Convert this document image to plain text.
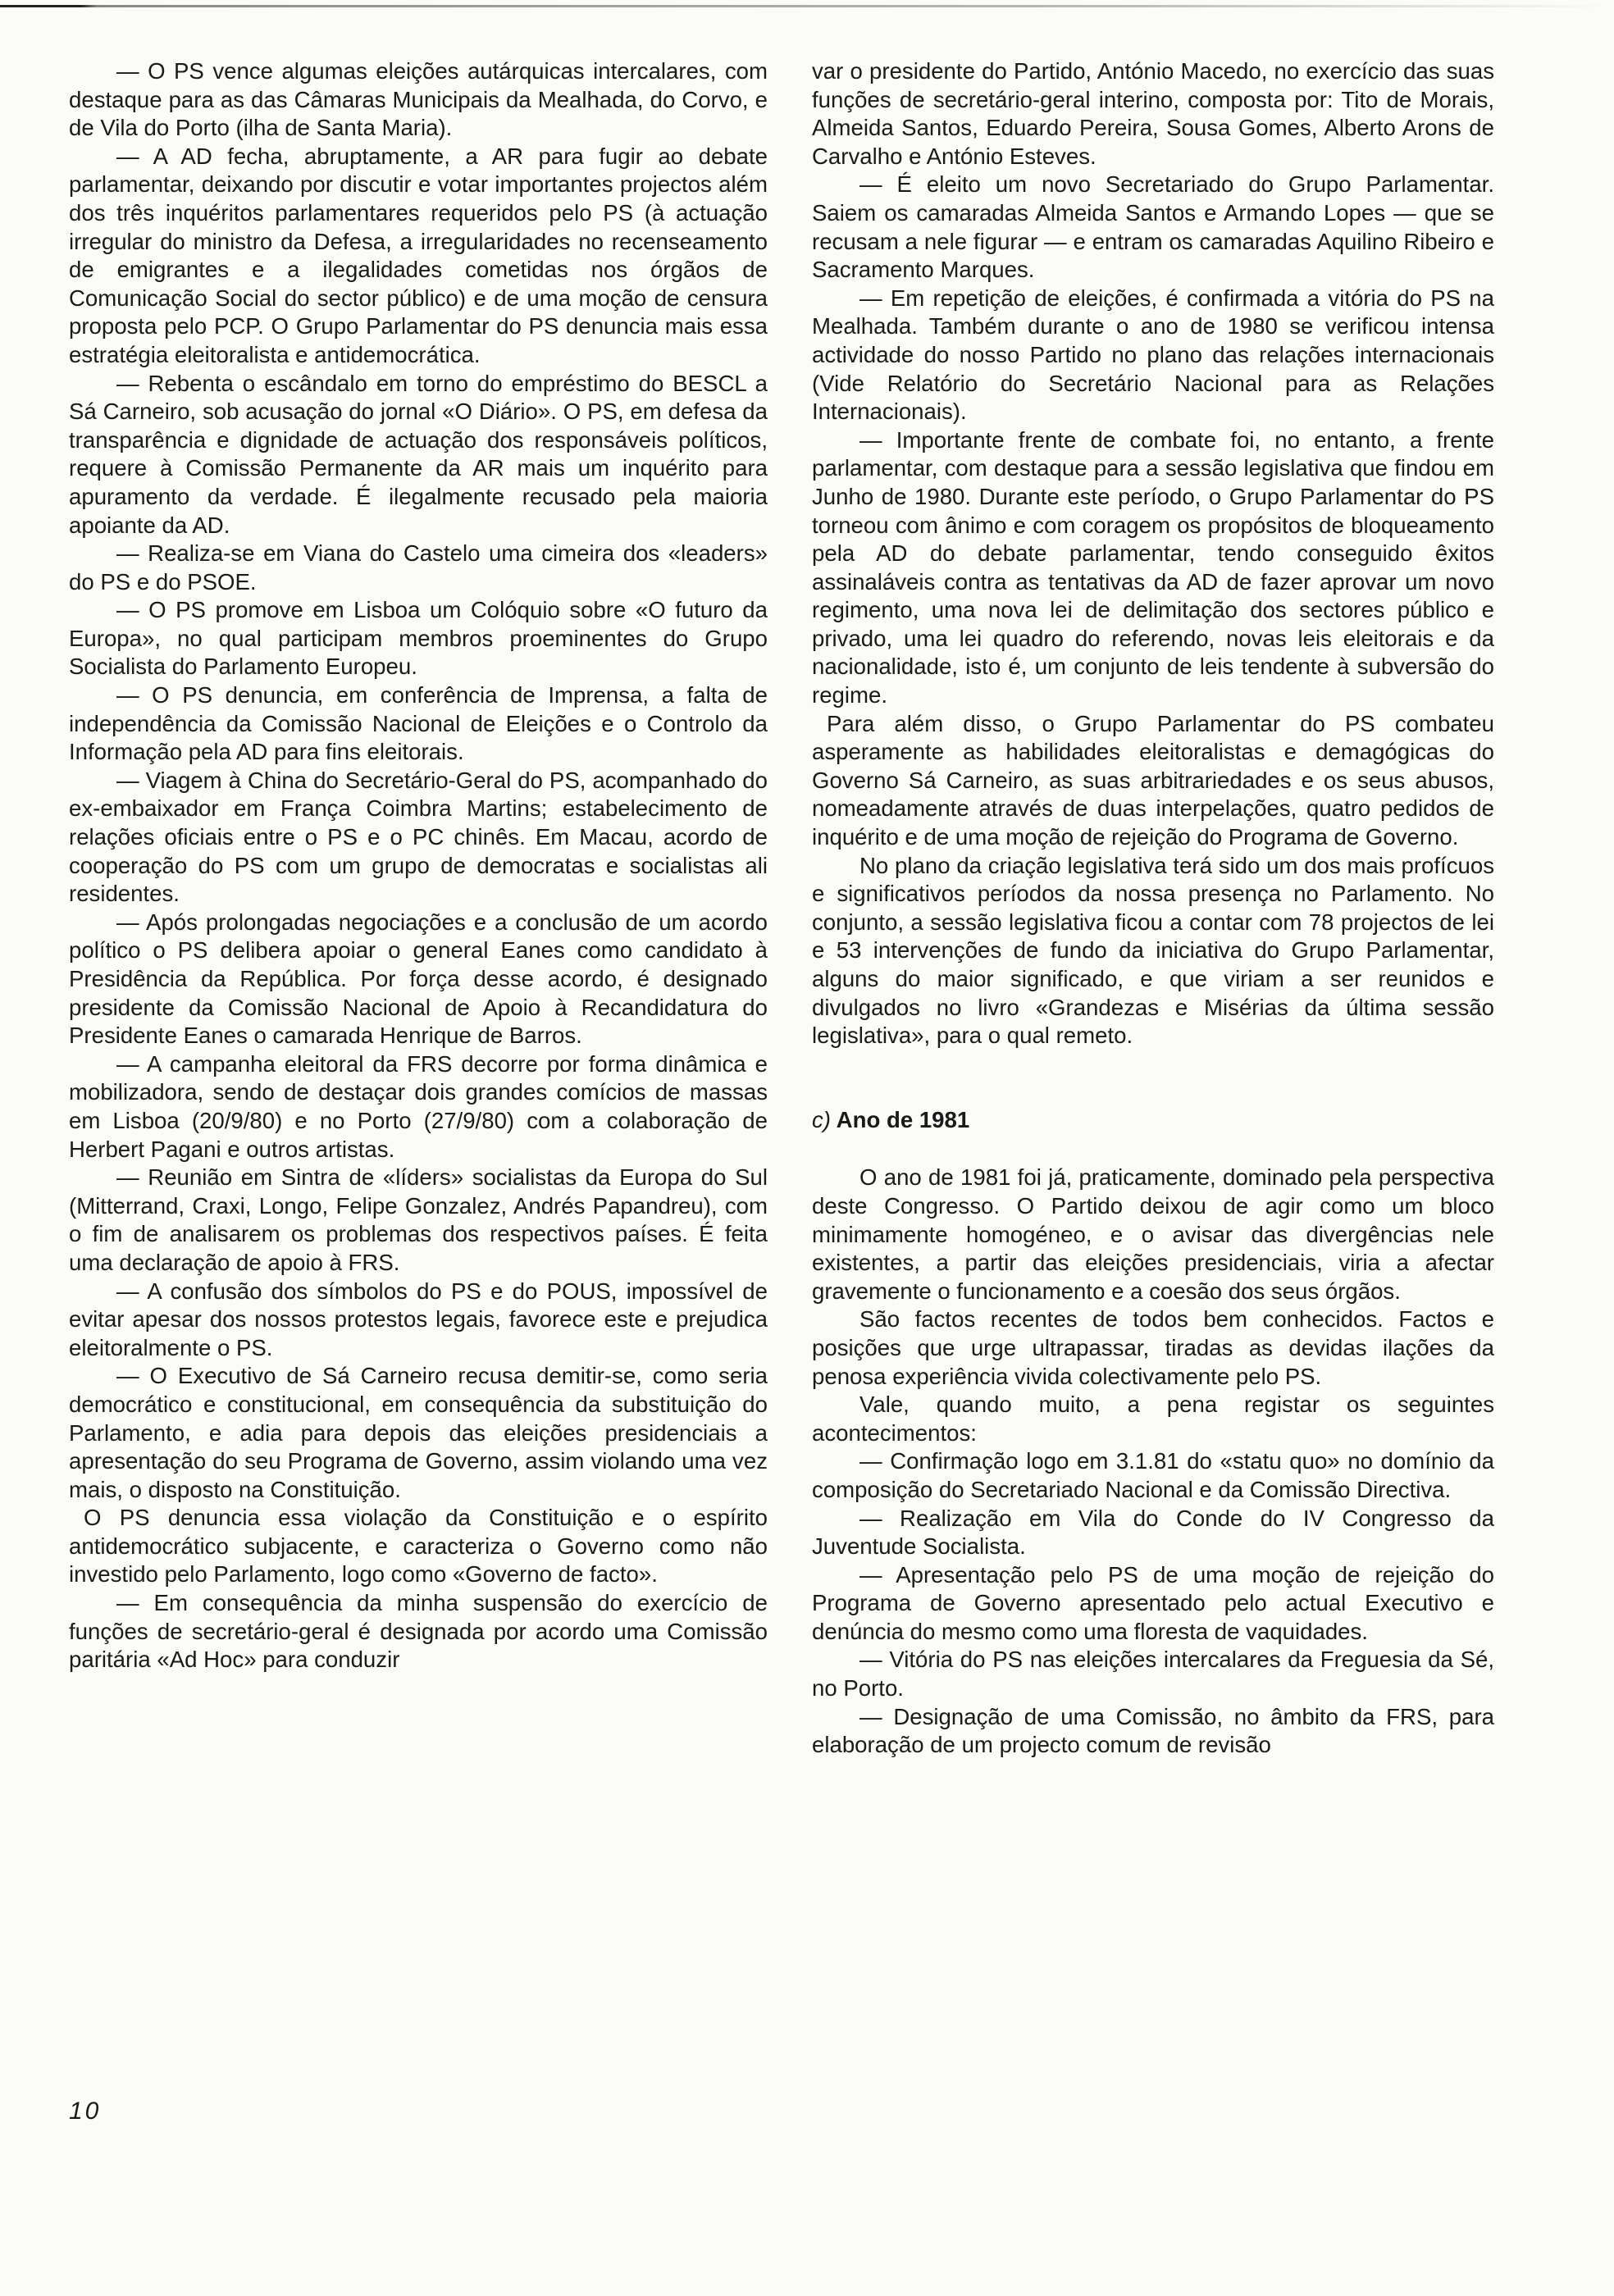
— O PS vence algumas eleições autárquicas intercalares, com destaque para as das Câmaras Municipais da Mealhada, do Corvo, e de Vila do Porto (ilha de Santa Maria).

— A AD fecha, abruptamente, a AR para fugir ao debate parlamentar, deixando por discutir e votar importantes projectos além dos três inquéritos parlamentares requeridos pelo PS (à actuação irregular do ministro da Defesa, a irregularidades no recenseamento de emigrantes e a ilegalidades cometidas nos órgãos de Comunicação Social do sector público) e de uma moção de censura proposta pelo PCP. O Grupo Parlamentar do PS denuncia mais essa estratégia eleitoralista e antidemocrática.

— Rebenta o escândalo em torno do empréstimo do BESCL a Sá Carneiro, sob acusação do jornal «O Diário». O PS, em defesa da transparência e dignidade de actuação dos responsáveis políticos, requere à Comissão Permanente da AR mais um inquérito para apuramento da verdade. É ilegalmente recusado pela maioria apoiante da AD.

— Realiza-se em Viana do Castelo uma cimeira dos «leaders» do PS e do PSOE.

— O PS promove em Lisboa um Colóquio sobre «O futuro da Europa», no qual participam membros proeminentes do Grupo Socialista do Parlamento Europeu.

— O PS denuncia, em conferência de Imprensa, a falta de independência da Comissão Nacional de Eleições e o Controlo da Informação pela AD para fins eleitorais.

— Viagem à China do Secretário-Geral do PS, acompanhado do ex-embaixador em França Coimbra Martins; estabelecimento de relações oficiais entre o PS e o PC chinês. Em Macau, acordo de cooperação do PS com um grupo de democratas e socialistas ali residentes.

— Após prolongadas negociações e a conclusão de um acordo político o PS delibera apoiar o general Eanes como candidato à Presidência da República. Por força desse acordo, é designado presidente da Comissão Nacional de Apoio à Recandidatura do Presidente Eanes o camarada Henrique de Barros.

— A campanha eleitoral da FRS decorre por forma dinâmica e mobilizadora, sendo de destaçar dois grandes comícios de massas em Lisboa (20/9/80) e no Porto (27/9/80) com a colaboração de Herbert Pagani e outros artistas.

— Reunião em Sintra de «líders» socialistas da Europa do Sul (Mitterrand, Craxi, Longo, Felipe Gonzalez, Andrés Papandreu), com o fim de analisarem os problemas dos respectivos países. É feita uma declaração de apoio à FRS.

— A confusão dos símbolos do PS e do POUS, impossível de evitar apesar dos nossos protestos legais, favorece este e prejudica eleitoralmente o PS.

— O Executivo de Sá Carneiro recusa demitir-se, como seria democrático e constitucional, em consequência da substituição do Parlamento, e adia para depois das eleições presidenciais a apresentação do seu Programa de Governo, assim violando uma vez mais, o disposto na Constituição.

O PS denuncia essa violação da Constituição e o espírito antidemocrático subjacente, e caracteriza o Governo como não investido pelo Parlamento, logo como «Governo de facto».

— Em consequência da minha suspensão do exercício de funções de secretário-geral é designada por acordo uma Comissão paritária «Ad Hoc» para conduzir

var o presidente do Partido, António Macedo, no exercício das suas funções de secretário-geral interino, composta por: Tito de Morais, Almeida Santos, Eduardo Pereira, Sousa Gomes, Alberto Arons de Carvalho e António Esteves.

— É eleito um novo Secretariado do Grupo Parlamentar. Saiem os camaradas Almeida Santos e Armando Lopes — que se recusam a nele figurar — e entram os camaradas Aquilino Ribeiro e Sacramento Marques.

— Em repetição de eleições, é confirmada a vitória do PS na Mealhada. Também durante o ano de 1980 se verificou intensa actividade do nosso Partido no plano das relações internacionais (Vide Relatório do Secretário Nacional para as Relações Internacionais).

— Importante frente de combate foi, no entanto, a frente parlamentar, com destaque para a sessão legislativa que findou em Junho de 1980. Durante este período, o Grupo Parlamentar do PS torneou com ânimo e com coragem os propósitos de bloqueamento pela AD do debate parlamentar, tendo conseguido êxitos assinaláveis contra as tentativas da AD de fazer aprovar um novo regimento, uma nova lei de delimitação dos sectores público e privado, uma lei quadro do referendo, novas leis eleitorais e da nacionalidade, isto é, um conjunto de leis tendente à subversão do regime.

Para além disso, o Grupo Parlamentar do PS combateu asperamente as habilidades eleitoralistas e demagógicas do Governo Sá Carneiro, as suas arbitrariedades e os seus abusos, nomeadamente através de duas interpelações, quatro pedidos de inquérito e de uma moção de rejeição do Programa de Governo.

No plano da criação legislativa terá sido um dos mais profícuos e significativos períodos da nossa presença no Parlamento. No conjunto, a sessão legislativa ficou a contar com 78 projectos de lei e 53 intervenções de fundo da iniciativa do Grupo Parlamentar, alguns do maior significado, e que viriam a ser reunidos e divulgados no livro «Grandezas e Misérias da última sessão legislativa», para o qual remeto.

c) Ano de 1981

O ano de 1981 foi já, praticamente, dominado pela perspectiva deste Congresso. O Partido deixou de agir como um bloco minimamente homogéneo, e o avisar das divergências nele existentes, a partir das eleições presidenciais, viria a afectar gravemente o funcionamento e a coesão dos seus órgãos.

São factos recentes de todos bem conhecidos. Factos e posições que urge ultrapassar, tiradas as devidas ilações da penosa experiência vivida colectivamente pelo PS.

Vale, quando muito, a pena registar os seguintes acontecimentos:

— Confirmação logo em 3.1.81 do «statu quo» no domínio da composição do Secretariado Nacional e da Comissão Directiva.

— Realização em Vila do Conde do IV Congresso da Juventude Socialista.

— Apresentação pelo PS de uma moção de rejeição do Programa de Governo apresentado pelo actual Executivo e denúncia do mesmo como uma floresta de vaquidades.

— Vitória do PS nas eleições intercalares da Freguesia da Sé, no Porto.

— Designação de uma Comissão, no âmbito da FRS, para elaboração de um projecto comum de revisão

10
